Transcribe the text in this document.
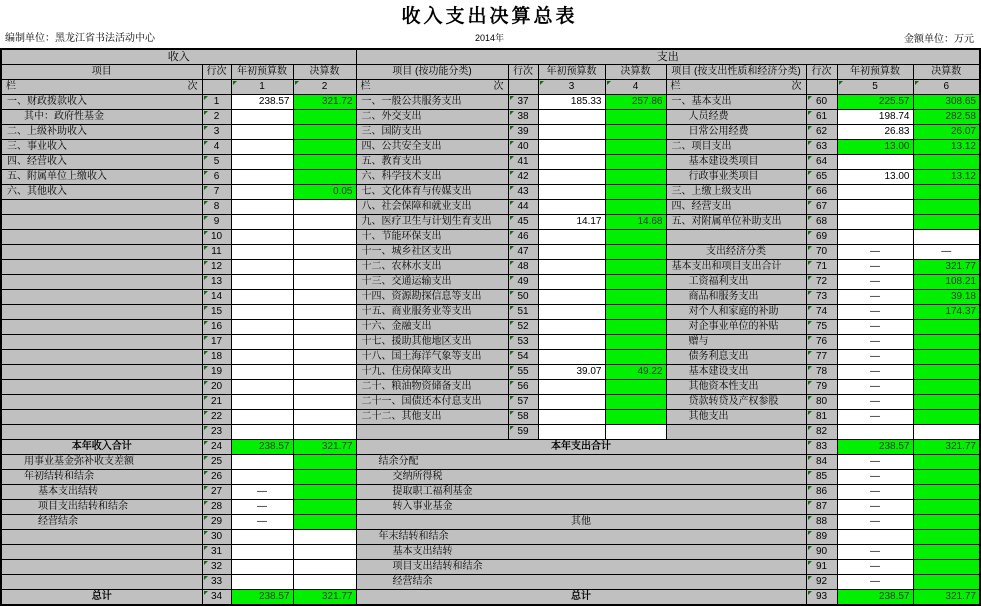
收入支出决算总表
编制单位：黑龙江省书法活动中心	2014年	金额单位：万元
收入				支出							
项目	行次	年初预算数	决算数	项目 (按功能分类)	行次	年初预算数	决算数	项目 (按支出性质和经济分类)	行次	年初预算数	决算数

栏 次		1	2	栏 次		3	4	栏 次		5	6
一、财政拨款收入	1	238.57	321.72	一、一般公共服务支出	37	185.33	257.86	一、基本支出	60	225.57	308.65
其中：政府性基金	2			二、外交支出	38			人员经费	61	198.74	282.58
二、上级补助收入	3			三、国防支出	39			日常公用经费	62	26.83	26.07
三、事业收入	4			四、公共安全支出	40			二、项目支出	63	13.00	13.12
四、经营收入	5			五、教育支出	41			基本建设类项目	64		
五、附属单位上缴收入	6			六、科学技术支出	42			行政事业类项目	65	13.00	13.12
六、其他收入	7		0.05	七、文化体育与传媒支出	43			三、上缴上级支出	66		
	8			八、社会保障和就业支出	44			四、经营支出	67		
	9			九、医疗卫生与计划生育支出	45	14.17	14.68	五、对附属单位补助支出	68		
	10			十、节能环保支出	46				69		
	11			十一、城乡社区支出	47			支出经济分类	70	—	—
	12			十二、农林水支出	48			基本支出和项目支出合计	71	—	321.77
	13			十三、交通运输支出	49			工资福利支出	72	—	108.21
	14			十四、资源勘探信息等支出	50			商品和服务支出	73	—	39.18
	15			十五、商业服务业等支出	51			对个人和家庭的补助	74	—	174.37
	16			十六、金融支出	52			对企事业单位的补贴	75	—	
	17			十七、援助其他地区支出	53			赠与	76	—	
	18			十八、国土海洋气象等支出	54			债务利息支出	77	—	
	19			十九、住房保障支出	55	39.07	49.22	基本建设支出	78	—	
	20			二十、粮油物资储备支出	56			其他资本性支出	79	—	
	21			二十一、国债还本付息支出	57			贷款转贷及产权参股	80	—	
	22			二十二、其他支出	58			其他支出	81	—	
	23				59				82		
本年收入合计	24	238.57	321.77	本年支出合计					83	238.57	321.77
用事业基金弥补收支差额	25			结余分配					84	—	
年初结转和结余	26			交纳所得税					85	—	
基本支出结转	27	—		提取职工福利基金					86	—	
项目支出结转和结余	28	—		转入事业基金					87	—	
经营结余	29	—		其他					88	—	
	30			年末结转和结余					89		
	31			基本支出结转					90	—	
	32			项目支出结转和结余					91	—	
	33			经营结余					92	—	
总计	34	238.57	321.77	总计					93	238.57	321.77
